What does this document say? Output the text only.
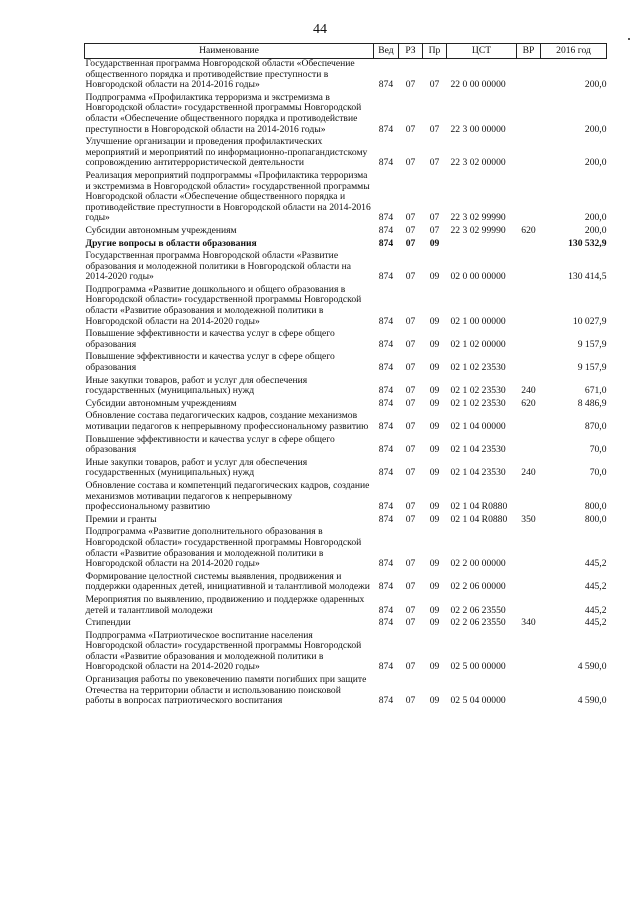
44
Наименование	Вед	РЗ	Пр	ЦСТ	ВР	2016 год
Государственная программа Новгородской области «Обеспечение общественного порядка и противодействие преступности в Новгородской области на 2014-2016 годы»	874	07	07	22 0 00 00000		200,0
Подпрограмма «Профилактика терроризма и экстремизма в Новгородской области» государственной программы Новгородской области «Обеспечение общественного порядка и противодействие преступности в Новгородской области на 2014-2016 годы»	874	07	07	22 3 00 00000		200,0
Улучшение организации и проведения профилактических мероприятий и мероприятий по информационно-пропагандистскому сопровождению антитеррористической деятельности	874	07	07	22 3 02 00000		200,0
Реализация мероприятий подпрограммы «Профилактика терроризма и экстремизма в Новгородской области» государственной программы Новгородской области «Обеспечение общественного порядка и противодействие преступности в Новгородской области на 2014-2016 годы»	874	07	07	22 3 02 99990		200,0
Субсидии автономным учреждениям	874	07	07	22 3 02 99990	620	200,0
Другие вопросы в области образования	874	07	09			130 532,9
Государственная программа Новгородской области «Развитие образования и молодежной политики в Новгородской области на 2014-2020 годы»	874	07	09	02 0 00 00000		130 414,5
Подпрограмма «Развитие дошкольного и общего образования в Новгородской области» государственной программы Новгородской области «Развитие образования и молодежной политики в Новгородской области на 2014-2020 годы»	874	07	09	02 1 00 00000		10 027,9
Повышение эффективности и качества услуг в сфере общего образования	874	07	09	02 1 02 00000		9 157,9
Повышение эффективности и качества услуг в сфере общего образования	874	07	09	02 1 02 23530		9 157,9
Иные закупки товаров, работ и услуг для обеспечения государственных (муниципальных) нужд	874	07	09	02 1 02 23530	240	671,0
Субсидии автономным учреждениям	874	07	09	02 1 02 23530	620	8 486,9
Обновление состава педагогических кадров, создание механизмов мотивации педагогов к непрерывному профессиональному развитию	874	07	09	02 1 04 00000		870,0
Повышение эффективности и качества услуг в сфере общего образования	874	07	09	02 1 04 23530		70,0
Иные закупки товаров, работ и услуг для обеспечения государственных (муниципальных) нужд	874	07	09	02 1 04 23530	240	70,0
Обновление состава и компетенций педагогических кадров, создание механизмов мотивации педагогов к непрерывному профессиональному развитию	874	07	09	02 1 04 R0880		800,0
Премии и гранты	874	07	09	02 1 04 R0880	350	800,0
Подпрограмма «Развитие дополнительного образования в Новгородской области» государственной программы Новгородской области «Развитие образования и молодежной политики в Новгородской области на 2014-2020 годы»	874	07	09	02 2 00 00000		445,2
Формирование целостной системы выявления, продвижения и поддержки одаренных детей, инициативной и талантливой молодежи	874	07	09	02 2 06 00000		445,2
Мероприятия по выявлению, продвижению и поддержке одаренных детей и талантливой молодежи	874	07	09	02 2 06 23550		445,2
Стипендии	874	07	09	02 2 06 23550	340	445,2
Подпрограмма «Патриотическое воспитание населения Новгородской области» государственной программы Новгородской области «Развитие образования и молодежной политики в Новгородской области на 2014-2020 годы»	874	07	09	02 5 00 00000		4 590,0
Организация работы по увековечению памяти погибших при защите Отечества на территории области и использованию поисковой работы в вопросах патриотического воспитания	874	07	09	02 5 04 00000		4 590,0
